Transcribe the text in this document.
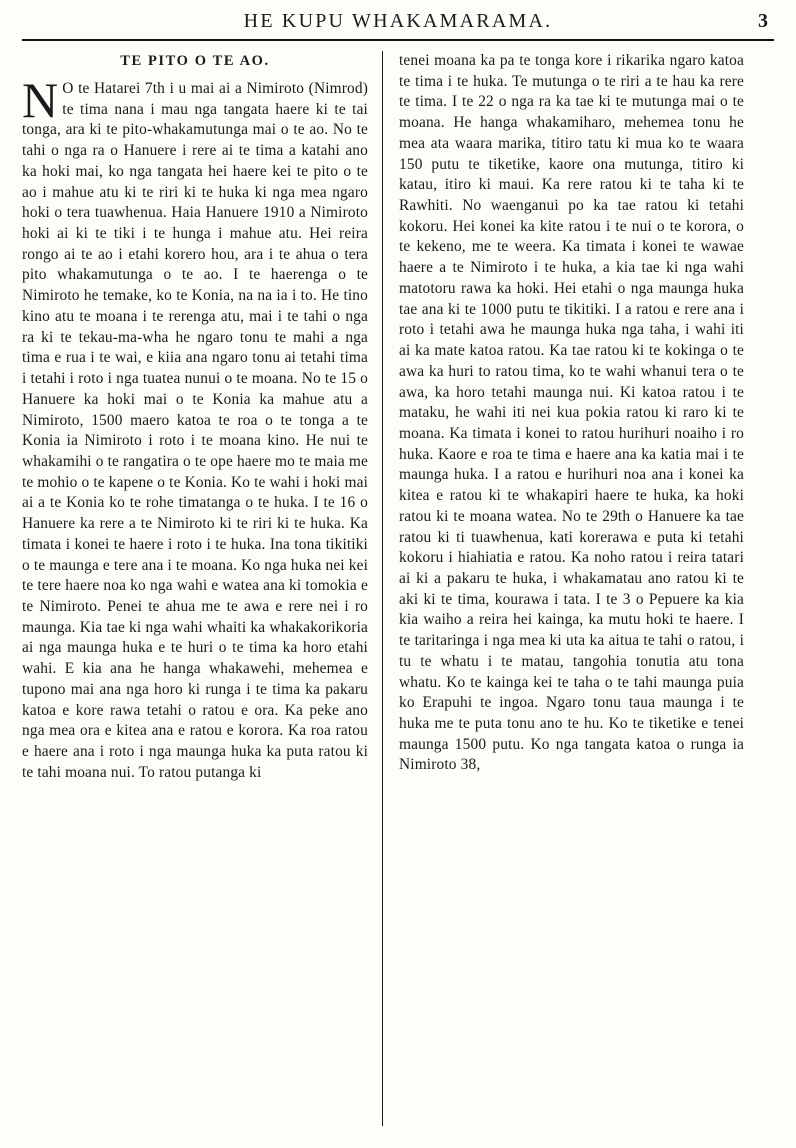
HE KUPU WHAKAMARAMA.	3
TE PITO O TE AO.

N O te Hatarei 7th i u mai ai a Nimiroto (Nimrod) te tima nana i mau nga tangata haere ki te tai tonga, ara ki te pito-whakamutunga mai o te ao. No te tahi o nga ra o Hanuere i rere ai te tima a katahi ano ka hoki mai, ko nga tangata hei haere kei te pito o te ao i mahue atu ki te riri ki te huka ki nga mea ngaro hoki o tera tuawhenua. Haia Hanuere 1910 a Nimiroto hoki ai ki te tiki i te hunga i mahue atu. Hei reira rongo ai te ao i etahi korero hou, ara i te ahua o tera pito whakamutunga o te ao. I te haerenga o te Nimiroto he temake, ko te Konia, na na ia i to. He tino kino atu te moana i te rerenga atu, mai i te tahi o nga ra ki te tekau-ma-wha he ngaro tonu te mahi a nga tima e rua i te wai, e kiia ana ngaro tonu ai tetahi tima i tetahi i roto i nga tuatea nunui o te moana. No te 15 o Hanuere ka hoki mai o te Konia ka mahue atu a Nimiroto, 1500 maero katoa te roa o te tonga a te Konia ia Nimiroto i roto i te moana kino. He nui te whakamihi o te rangatira o te ope haere mo te maia me te mohio o te kapene o te Konia. Ko te wahi i hoki mai ai a te Konia ko te rohe timatanga o te huka. I te 16 o Hanuere ka rere a te Nimiroto ki te riri ki te huka. Ka timata i konei te haere i roto i te huka. Ina tona tikitiki o te maunga e tere ana i te moana. Ko nga huka nei kei te tere haere noa ko nga wahi e watea ana ki tomokia e te Nimiroto. Penei te ahua me te awa e rere nei i ro maunga. Kia tae ki nga wahi whaiti ka whakakorikoria ai nga maunga huka e te huri o te tima ka horo etahi wahi. E kia ana he hanga whakawehi, mehemea e tupono mai ana nga horo ki runga i te tima ka pakaru katoa e kore rawa tetahi o ratou e ora. Ka peke ano nga mea ora e kitea ana e ratou e korora. Ka roa ratou e haere ana i roto i nga maunga huka ka puta ratou ki te tahi moana nui. To ratou putanga ki

tenei moana ka pa te tonga kore i rikarika ngaro katoa te tima i te huka. Te mutunga o te riri a te hau ka rere te tima. I te 22 o nga ra ka tae ki te mutunga mai o te moana. He hanga whakamiharo, mehemea tonu he mea ata waara marika, titiro tatu ki mua ko te waara 150 putu te tiketike, kaore ona mutunga, titiro ki katau, itiro ki maui. Ka rere ratou ki te taha ki te Rawhiti. No waenganui po ka tae ratou ki tetahi kokoru. Hei konei ka kite ratou i te nui o te korora, o te kekeno, me te weera. Ka timata i konei te wawae haere a te Nimiroto i te huka, a kia tae ki nga wahi matotoru rawa ka hoki. Hei etahi o nga maunga huka tae ana ki te 1000 putu te tikitiki. I a ratou e rere ana i roto i tetahi awa he maunga huka nga taha, i wahi iti ai ka mate katoa ratou. Ka tae ratou ki te kokinga o te awa ka huri to ratou tima, ko te wahi whanui tera o te awa, ka horo tetahi maunga nui. Ki katoa ratou i te mataku, he wahi iti nei kua pokia ratou ki raro ki te moana. Ka timata i konei to ratou hurihuri noaiho i ro huka. Kaore e roa te tima e haere ana ka katia mai i te maunga huka. I a ratou e hurihuri noa ana i konei ka kitea e ratou ki te whakapiri haere te huka, ka hoki ratou ki te moana watea. No te 29th o Hanuere ka tae ratou ki ti tuawhenua, kati korerawa e puta ki tetahi kokoru i hiahiatia e ratou. Ka noho ratou i reira tatari ai ki a pakaru te huka, i whakamatau ano ratou ki te aki ki te tima, kourawa i tata. I te 3 o Pepuere ka kia kia waiho a reira hei kainga, ka mutu hoki te haere. I te taritaringa i nga mea ki uta ka aitua te tahi o ratou, i tu te whatu i te matau, tangohia tonutia atu tona whatu. Ko te kainga kei te taha o te tahi maunga puia ko Erapuhi te ingoa. Ngaro tonu taua maunga i te huka me te puta tonu ano te hu. Ko te tiketike e tenei maunga 1500 putu. Ko nga tangata katoa o runga ia Nimiroto 38,
